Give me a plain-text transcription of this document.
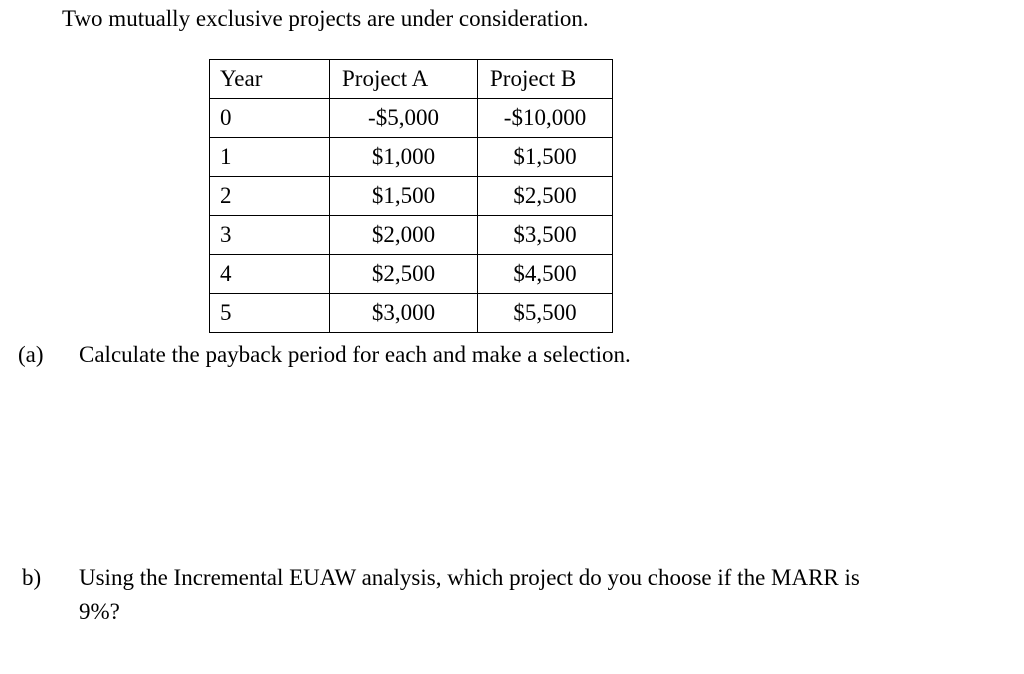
Two mutually exclusive projects are under consideration.
Year	Project A	Project B
0	-$5,000	-$10,000
1	$1,000	$1,500
2	$1,500	$2,500
3	$2,000	$3,500
4	$2,500	$4,500
5	$3,000	$5,500
(a) Calculate the payback period for each and make a selection.
b) Using the Incremental EUAW analysis, which project do you choose if the MARR is
9%?
